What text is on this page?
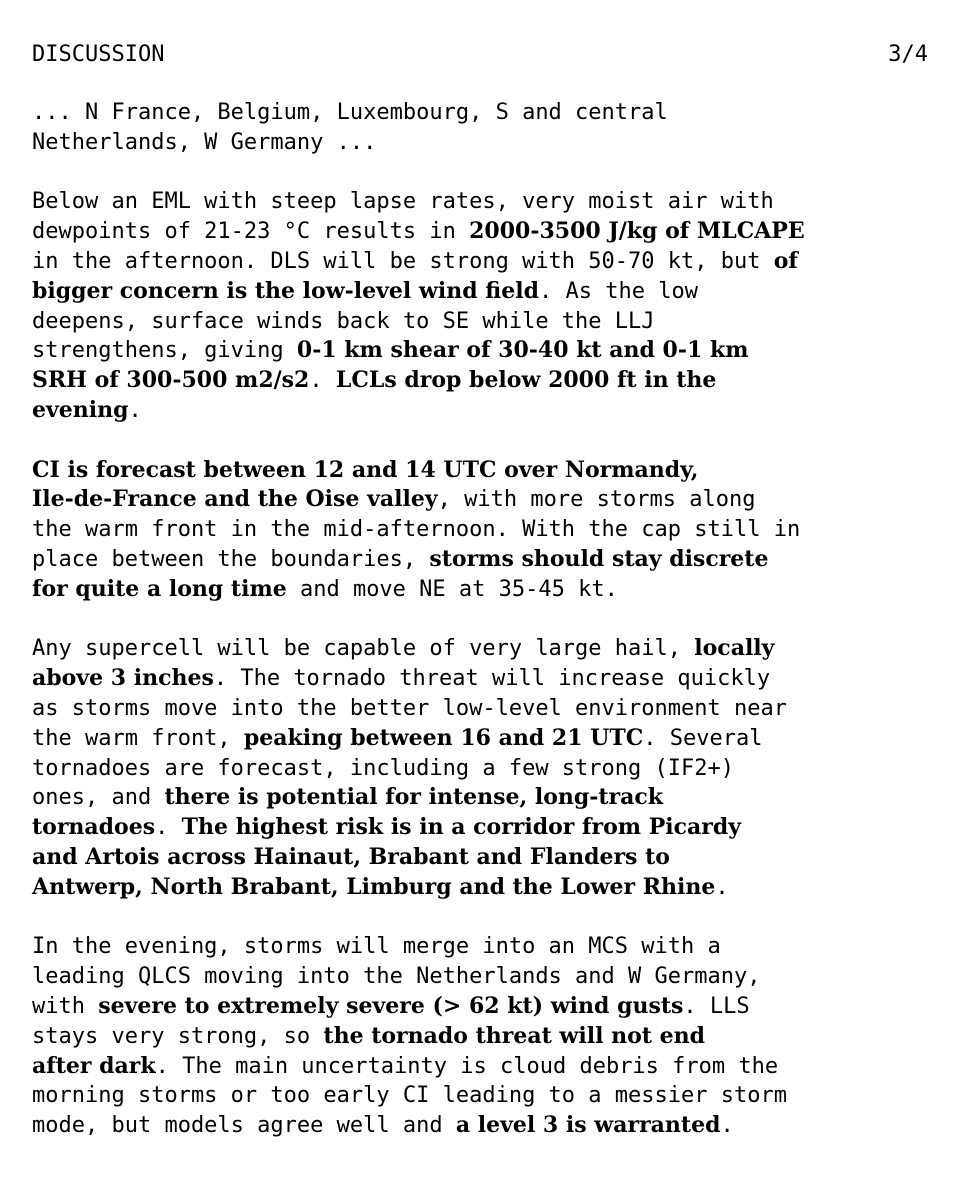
DISCUSSION	3/4
... N France, Belgium, Luxembourg, S and central
Netherlands, W Germany ...
Below an EML with steep lapse rates, very moist air with
dewpoints of 21-23 °C results in 2000-3500 J/kg of MLCAPE
in the afternoon. DLS will be strong with 50-70 kt, but of
bigger concern is the low-level wind field. As the low
deepens, surface winds back to SE while the LLJ
strengthens, giving 0-1 km shear of 30-40 kt and 0-1 km
SRH of 300-500 m2/s2. LCLs drop below 2000 ft in the
evening.
CI is forecast between 12 and 14 UTC over Normandy,
Ile-de-France and the Oise valley, with more storms along
the warm front in the mid-afternoon. With the cap still in
place between the boundaries, storms should stay discrete
for quite a long time and move NE at 35-45 kt.
Any supercell will be capable of very large hail, locally
above 3 inches. The tornado threat will increase quickly
as storms move into the better low-level environment near
the warm front, peaking between 16 and 21 UTC. Several
tornadoes are forecast, including a few strong (IF2+)
ones, and there is potential for intense, long-track
tornadoes. The highest risk is in a corridor from Picardy
and Artois across Hainaut, Brabant and Flanders to
Antwerp, North Brabant, Limburg and the Lower Rhine.
In the evening, storms will merge into an MCS with a
leading QLCS moving into the Netherlands and W Germany,
with severe to extremely severe (> 62 kt) wind gusts. LLS
stays very strong, so the tornado threat will not end
after dark. The main uncertainty is cloud debris from the
morning storms or too early CI leading to a messier storm
mode, but models agree well and a level 3 is warranted.
